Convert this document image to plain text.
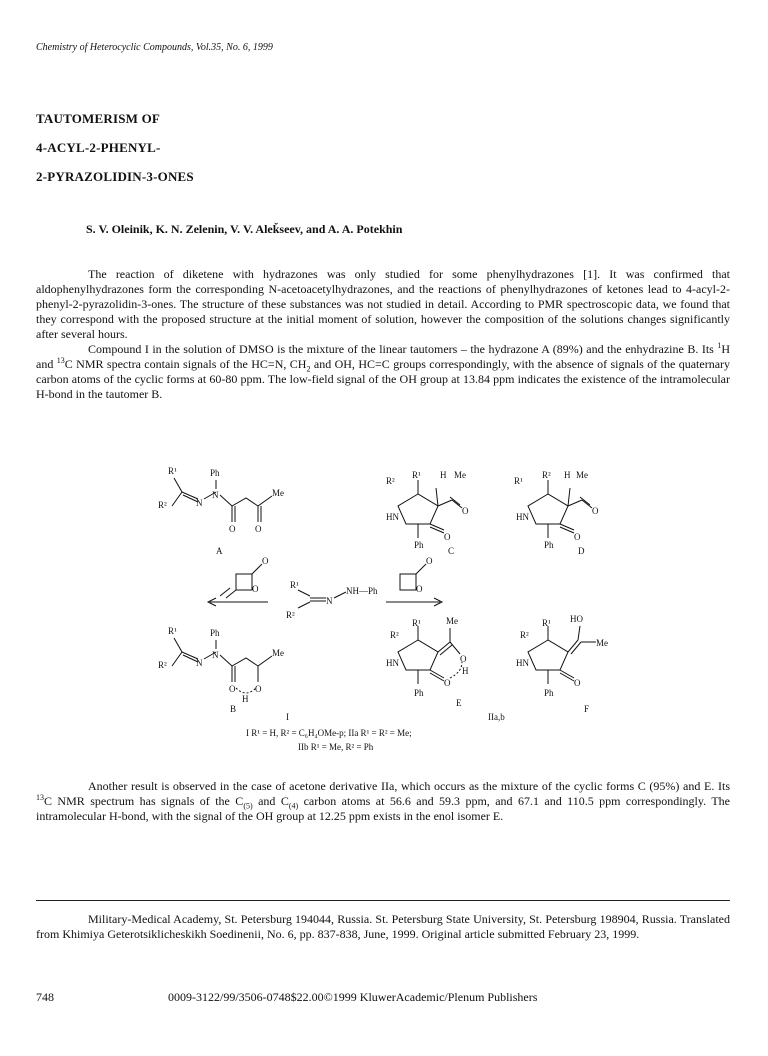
Chemistry of Heterocyclic Compounds, Vol.35, No. 6, 1999
TAUTOMERISM OF
4-ACYL-2-PHENYL-
2-PYRAZOLIDIN-3-ONES
S. V. Oleinik, K. N. Zelenin, V. V. Aleǩseev, and A. A. Potekhin

The reaction of diketene with hydrazones was only studied for some phenylhydrazones [1]. It was confirmed that aldophenylhydrazones form the corresponding N-acetoacetylhydrazones, and the reactions of phenylhydrazones of ketones lead to 4-acyl-2-phenyl-2-pyrazolidin-3-ones. The structure of these substances was not studied in detail. According to PMR spectroscopic data, we found that they correspond with the proposed structure at the initial moment of solution, however the composition of the solutions changes significantly after several hours.

Compound I in the solution of DMSO is the mixture of the linear tautomers – the hydrazone A (89%) and the enhydrazine B. Its $^1$H and $^{13}$C NMR spectra contain signals of the HC=N, $CH_2$ and OH, HC=C groups correspondingly, with the absence of signals of the quaternary carbon atoms of the cyclic forms at 60-80 ppm. The low-field signal of the OH group at 13.84 ppm indicates the existence of the intramolecular H-bond in the tautomer B.

R¹	Ph
R²	N
N	Me
O O
R²
R¹ H Me
O
HN
O
Ph
R¹
R² H Me
O
HN
O
Ph
O
O
O
O
R¹
R²
N
NH—Ph
R¹	Ph
R²	N
N	Me
O O
H
Me
R¹
R²
O
H
HN
O
Ph
HO
R¹
R²
Me
HN
O
Ph
A	C	D
B
E
F
I	IIa,b
I R¹ = H, R² = C₆H₄OMe-p; IIa R¹ = R² = Me;
IIb R¹ = Me, R² = Ph

Another result is observed in the case of acetone derivative IIa, which occurs as the mixture of the cyclic forms C (95%) and E. Its $^{13}$C NMR spectrum has signals of the $C_{(5)}$ and $C_{(4)}$ carbon atoms at 56.6 and 59.3 ppm, and 67.1 and 110.5 ppm correspondingly. The intramolecular H-bond, with the signal of the OH group at 12.25 ppm exists in the enol isomer E.

Military-Medical Academy, St. Petersburg 194044, Russia. St. Petersburg State University, St. Petersburg 198904, Russia. Translated from Khimiya Geterotsiklicheskikh Soedinenii, No. 6, pp. 837-838, June, 1999. Original article submitted February 23, 1999.

748	0009-3122/99/3506-0748$22.00©1999 KluwerAcademic/Plenum Publishers
